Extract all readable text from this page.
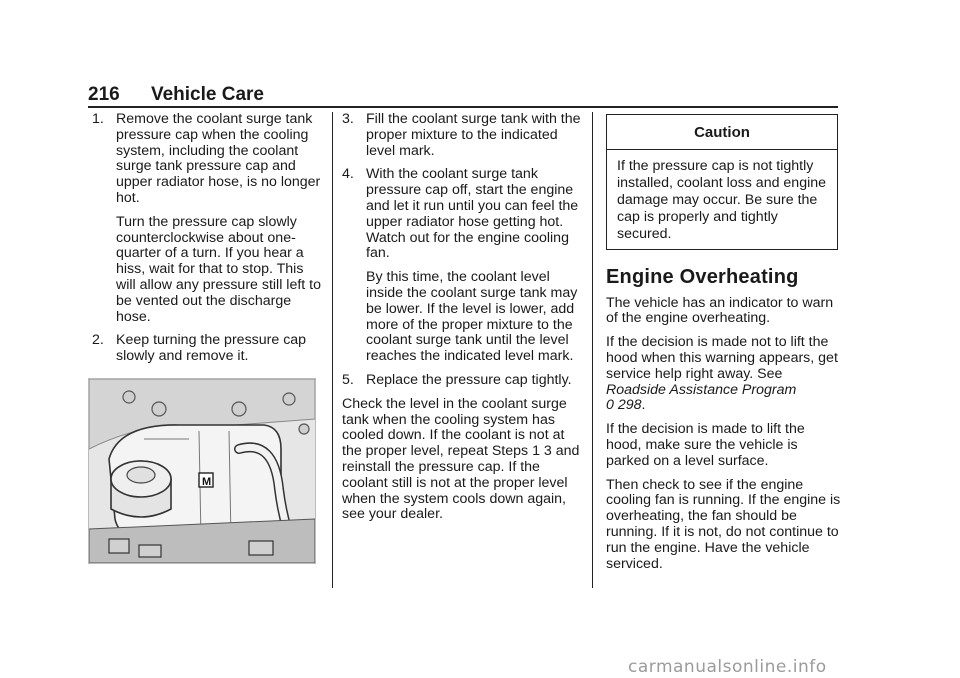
216 Vehicle Care
1. Remove the coolant surge tank pressure cap when the cooling system, including the coolant surge tank pressure cap and upper radiator hose, is no longer hot.

Turn the pressure cap slowly counterclockwise about one-quarter of a turn. If you hear a hiss, wait for that to stop. This will allow any pressure still left to be vented out the discharge hose.

2. Keep turning the pressure cap slowly and remove it.

M
3. Fill the coolant surge tank with the proper mixture to the indicated level mark.

4. With the coolant surge tank pressure cap off, start the engine and let it run until you can feel the upper radiator hose getting hot. Watch out for the engine cooling fan.

By this time, the coolant level inside the coolant surge tank may be lower. If the level is lower, add more of the proper mixture to the coolant surge tank until the level reaches the indicated level mark.

5. Replace the pressure cap tightly.

Check the level in the coolant surge tank when the cooling system has cooled down. If the coolant is not at the proper level, repeat Steps 1 3 and reinstall the pressure cap. If the coolant still is not at the proper level when the system cools down again, see your dealer.

Caution
If the pressure cap is not tightly installed, coolant loss and engine damage may occur. Be sure the cap is properly and tightly secured.
Engine Overheating

The vehicle has an indicator to warn of the engine overheating.

If the decision is made not to lift the hood when this warning appears, get service help right away. See Roadside Assistance Program
0 298.

If the decision is made to lift the hood, make sure the vehicle is parked on a level surface.

Then check to see if the engine cooling fan is running. If the engine is overheating, the fan should be running. If it is not, do not continue to run the engine. Have the vehicle serviced.

carmanualsonline.info
